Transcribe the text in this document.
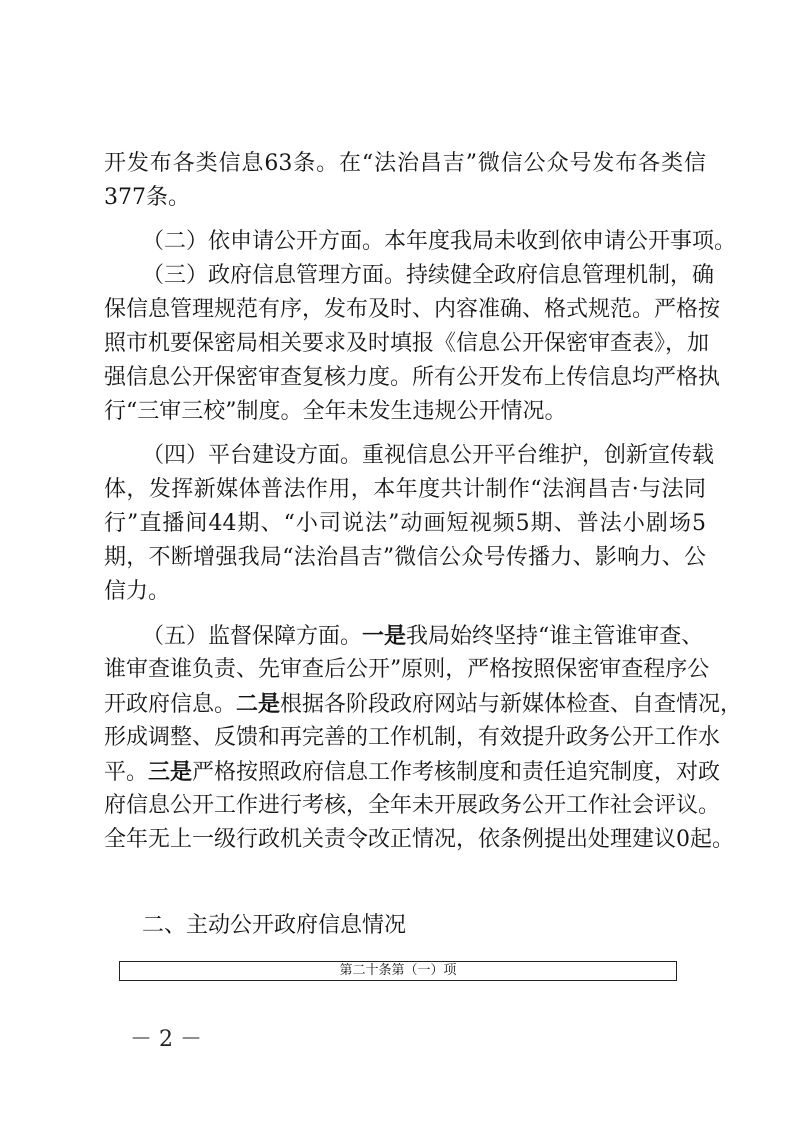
开发布各类信息63条。在“法治昌吉”微信公众号发布各类信
377条。
（二）依申请公开方面。本年度我局未收到依申请公开事项。
（三）政府信息管理方面。持续健全政府信息管理机制，确
保信息管理规范有序，发布及时、内容准确、格式规范。严格按
照市机要保密局相关要求及时填报《信息公开保密审查表》，加
强信息公开保密审查复核力度。所有公开发布上传信息均严格执
行“三审三校”制度。全年未发生违规公开情况。
（四）平台建设方面。重视信息公开平台维护，创新宣传载
体，发挥新媒体普法作用，本年度共计制作“法润昌吉·与法同
行”直播间44期、“小司说法”动画短视频5期、普法小剧场5
期，不断增强我局“法治昌吉”微信公众号传播力、影响力、公
信力。
（五）监督保障方面。一是我局始终坚持“谁主管谁审查、
谁审查谁负责、先审查后公开”原则，严格按照保密审查程序公
开政府信息。二是根据各阶段政府网站与新媒体检查、自查情况，
形成调整、反馈和再完善的工作机制，有效提升政务公开工作水
平。三是严格按照政府信息工作考核制度和责任追究制度，对政
府信息公开工作进行考核，全年未开展政务公开工作社会评议。
全年无上一级行政机关责令改正情况，依条例提出处理建议0起。
二、主动公开政府信息情况
第二十条第（一）项
－ 2 －
